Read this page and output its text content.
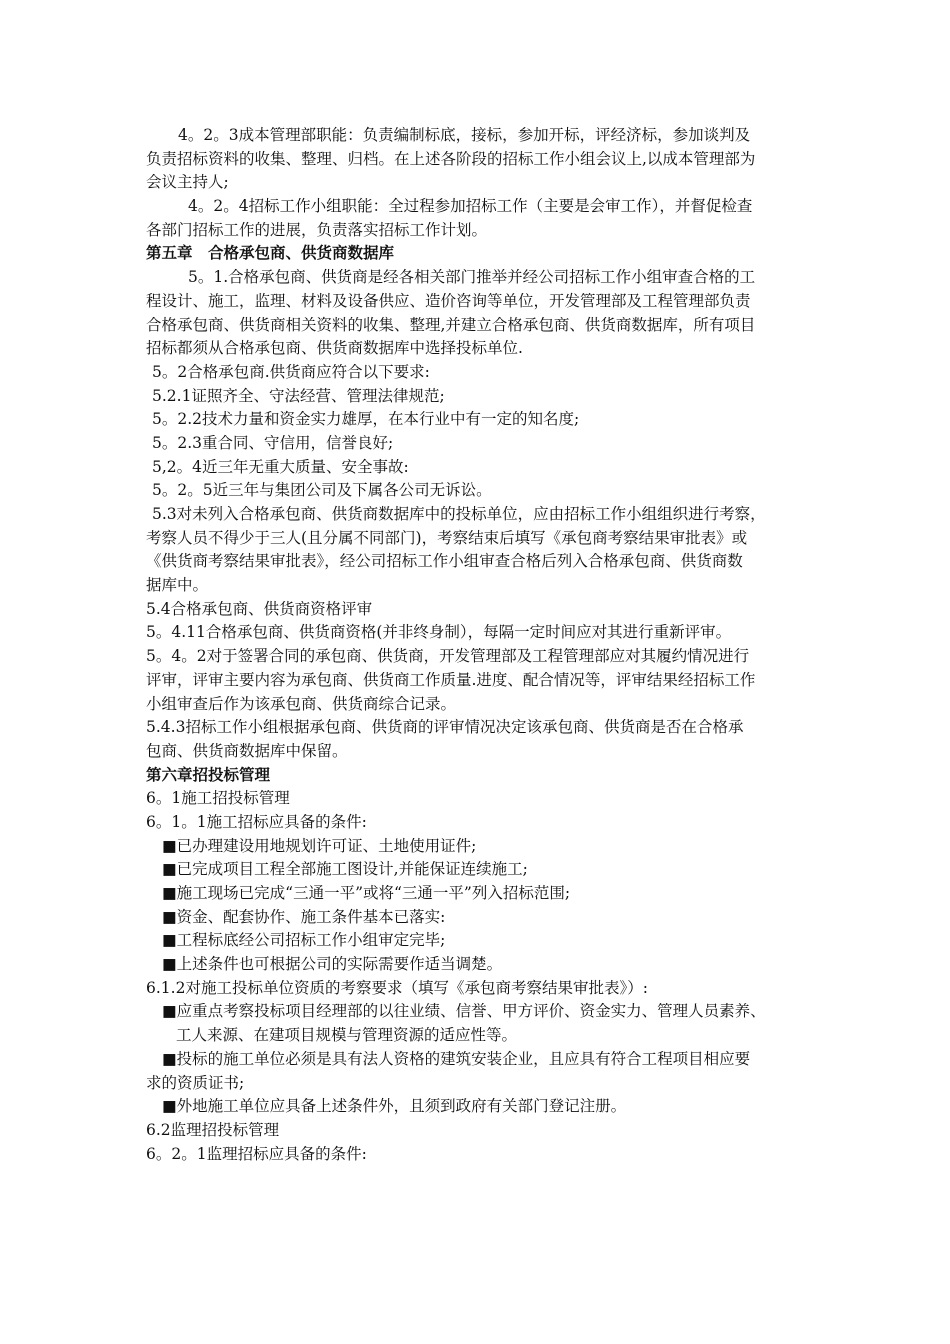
4。2。3成本管理部职能：负责编制标底，接标，参加开标，评经济标，参加谈判及
负责招标资料的收集、整理、归档。在上述各阶段的招标工作小组会议上,以成本管理部为
会议主持人;
4。2。4招标工作小组职能：全过程参加招标工作（主要是会审工作），并督促检查
各部门招标工作的进展，负责落实招标工作计划。
第五章　合格承包商、供货商数据库
5。1.合格承包商、供货商是经各相关部门推举并经公司招标工作小组审查合格的工
程设计、施工，监理、材料及设备供应、造价咨询等单位，开发管理部及工程管理部负责
合格承包商、供货商相关资料的收集、整理,并建立合格承包商、供货商数据库，所有项目
招标都须从合格承包商、供货商数据库中选择投标单位.
5。2合格承包商.供货商应符合以下要求:
5.2.1证照齐全、守法经营、管理法律规范;
5。2.2技术力量和资金实力雄厚，在本行业中有一定的知名度;
5。2.3重合同、守信用，信誉良好;
5,2。4近三年无重大质量、安全事故:
5。2。5近三年与集团公司及下属各公司无诉讼。
5.3对未列入合格承包商、供货商数据库中的投标单位，应由招标工作小组组织进行考察，
考察人员不得少于三人(且分属不同部门)，考察结束后填写《承包商考察结果审批表》或
《供货商考察结果审批表》，经公司招标工作小组审查合格后列入合格承包商、供货商数
据库中。
5.4合格承包商、供货商资格评审
5。4.11合格承包商、供货商资格(并非终身制），每隔一定时间应对其进行重新评审。
5。4。2对于签署合同的承包商、供货商，开发管理部及工程管理部应对其履约情况进行
评审，评审主要内容为承包商、供货商工作质量.进度、配合情况等，评审结果经招标工作
小组审查后作为该承包商、供货商综合记录。
5.4.3招标工作小组根据承包商、供货商的评审情况决定该承包商、供货商是否在合格承
包商、供货商数据库中保留。
第六章招投标管理
6。1施工招投标管理
6。1。1施工招标应具备的条件:
■已办理建设用地规划许可证、土地使用证件;
■已完成项目工程全部施工图设计,并能保证连续施工;
■施工现场已完成“三通一平”或将“三通一平”列入招标范围;
■资金、配套协作、施工条件基本已落实:
■工程标底经公司招标工作小组审定完毕;
■上述条件也可根据公司的实际需要作适当调楚。
6.1.2对施工投标单位资质的考察要求（填写《承包商考察结果审批表》）:
■应重点考察投标项目经理部的以往业绩、信誉、甲方评价、资金实力、管理人员素养、
工人来源、在建项目规模与管理资源的适应性等。
■投标的施工单位必须是具有法人资格的建筑安装企业，且应具有符合工程项目相应要
求的资质证书;
■外地施工单位应具备上述条件外，且须到政府有关部门登记注册。
6.2监理招投标管理
6。2。1监理招标应具备的条件:
